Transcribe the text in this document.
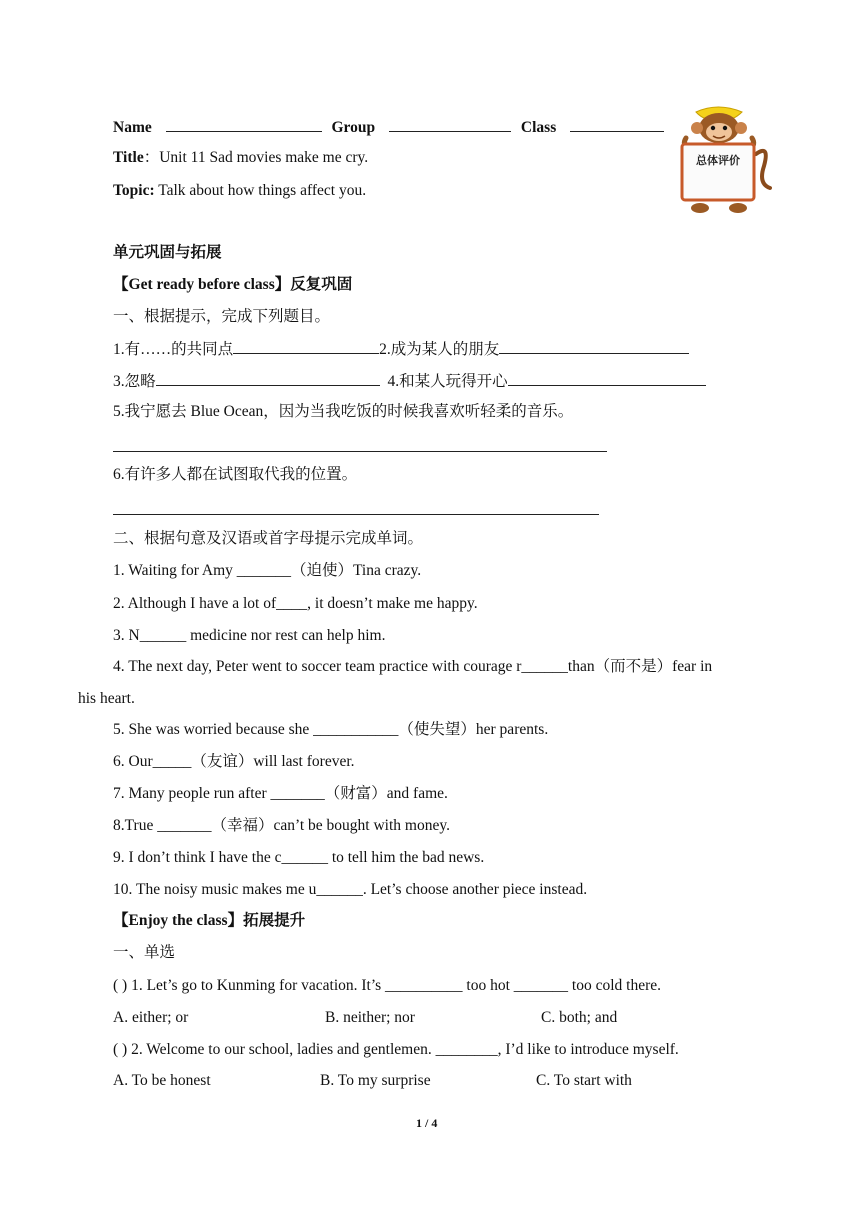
Name	Group	Class
Title：Unit 11 Sad movies make me cry.
Topic: Talk about how things affect you.
总体评价
单元巩固与拓展
【Get ready before class】反复巩固
一、根据提示，完成下列题目。
1.有……的共同点	2.成为某人的朋友
3.忽略	4.和某人玩得开心
5.我宁愿去 Blue Ocean，因为当我吃饭的时候我喜欢听轻柔的音乐。
6.有许多人都在试图取代我的位置。
二、根据句意及汉语或首字母提示完成单词。
1. Waiting for Amy _______（迫使）Tina crazy.
2. Although I have a lot of____, it doesn’t make me happy.
3. N______ medicine nor rest can help him.
4. The next day, Peter went to soccer team practice with courage r______than（而不是）fear in
his heart.
5. She was worried because she ___________（使失望）her parents.
6. Our_____（友谊）will last forever.
7. Many people run after _______（财富）and fame.
8.True _______（幸福）can’t be bought with money.
9. I don’t think I have the c______ to tell him the bad news.
10. The noisy music makes me u______. Let’s choose another piece instead.
【Enjoy the class】拓展提升
一、单选
( ) 1. Let’s go to Kunming for vacation. It’s __________ too hot _______ too cold there.
A. either; or	B. neither; nor	C. both; and
( ) 2. Welcome to our school, ladies and gentlemen. ________, I’d like to introduce myself.
A. To be honest	B. To my surprise	C. To start with
1 / 4
